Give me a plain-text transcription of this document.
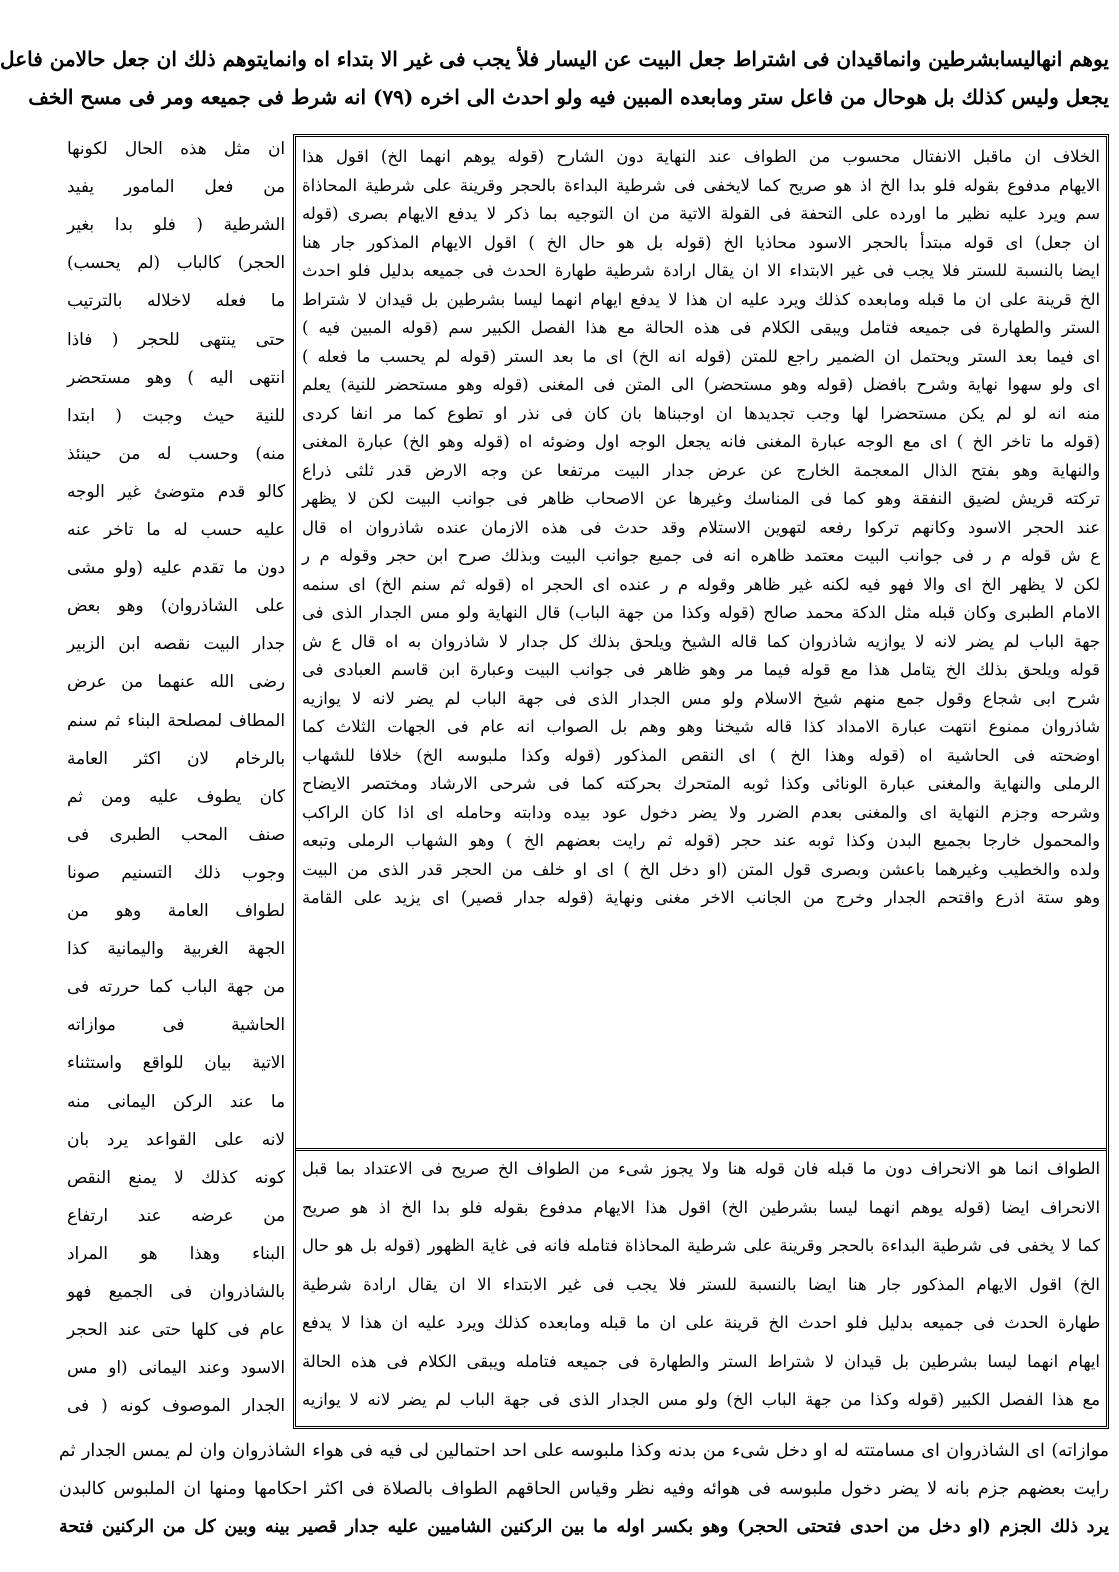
يوهم انهاليسابشرطين وانماقيدان فى اشتراط جعل البيت عن اليسار فلأ يجب فى غير الا بتداء اه وانمايتوهم ذلك ان جعل حالامن فاعل
يجعل وليس كذلك بل هوحال من فاعل ستر ومابعده المبين فيه ولو احدث الى اخره (٧٩) انه شرط فى جميعه ومر فى مسح الخف
الخلاف ان ماقبل الانفتال محسوب من الطواف عند النهاية دون الشارح (قوله يوهم انهما الخ) اقول هذا
الايهام مدفوع بقوله فلو بدا الخ اذ هو صريح كما لايخفى فى شرطية البداءة بالحجر وقرينة على شرطية المحاذاة
سم ويرد عليه نظير ما اورده على التحفة فى القولة الاتية من ان التوجيه بما ذكر لا يدفع الايهام بصرى (قوله
ان جعل) اى قوله مبتدأ بالحجر الاسود محاذيا الخ (قوله بل هو حال الخ ) اقول الايهام المذكور جار هنا
ايضا بالنسبة للستر فلا يجب فى غير الابتداء الا ان يقال ارادة شرطية طهارة الحدث فى جميعه بدليل فلو احدث
الخ قرينة على ان ما قبله ومابعده كذلك ويرد عليه ان هذا لا يدفع ايهام انهما ليسا بشرطين بل قيدان لا شتراط
الستر والطهارة فى جميعه فتامل ويبقى الكلام فى هذه الحالة مع هذا الفصل الكبير سم (قوله المبين فيه )
اى فيما بعد الستر ويحتمل ان الضمير راجع للمتن (قوله انه الخ) اى ما بعد الستر (قوله لم يحسب ما فعله )
اى ولو سهوا نهاية وشرح بافضل (قوله وهو مستحضر) الى المتن فى المغنى (قوله وهو مستحضر للنية) يعلم
منه انه لو لم يكن مستحضرا لها وجب تجديدها ان اوجبناها بان كان فى نذر او تطوع كما مر انفا كردى
(قوله ما تاخر الخ ) اى مع الوجه عبارة المغنى فانه يجعل الوجه اول وضوئه اه (قوله وهو الخ) عبارة المغنى
والنهاية وهو بفتح الذال المعجمة الخارج عن عرض جدار البيت مرتفعا عن وجه الارض قدر ثلثى ذراع
تركته قريش لضيق النفقة وهو كما فى المناسك وغيرها عن الاصحاب ظاهر فى جوانب البيت لكن لا يظهر
عند الحجر الاسود وكانهم تركوا رفعه لتهوين الاستلام وقد حدث فى هذه الازمان عنده شاذروان اه قال
ع ش قوله م ر فى جوانب البيت معتمد ظاهره انه فى جميع جوانب البيت وبذلك صرح ابن حجر وقوله م ر
لكن لا يظهر الخ اى والا فهو فيه لكنه غير ظاهر وقوله م ر عنده اى الحجر اه (قوله ثم سنم الخ) اى سنمه
الامام الطبرى وكان قبله مثل الدكة محمد صالح (قوله وكذا من جهة الباب) قال النهاية ولو مس الجدار الذى فى
جهة الباب لم يضر لانه لا يوازيه شاذروان كما قاله الشيخ ويلحق بذلك كل جدار لا شاذروان به اه قال ع ش
قوله ويلحق بذلك الخ يتامل هذا مع قوله فيما مر وهو ظاهر فى جوانب البيت وعبارة ابن قاسم العبادى فى
شرح ابى شجاع وقول جمع منهم شيخ الاسلام ولو مس الجدار الذى فى جهة الباب لم يضر لانه لا يوازيه
شاذروان ممنوع انتهت عبارة الامداد كذا قاله شيخنا وهو وهم بل الصواب انه عام فى الجهات الثلاث كما
اوضحته فى الحاشية اه (قوله وهذا الخ ) اى النقص المذكور (قوله وكذا ملبوسه الخ) خلافا للشهاب
الرملى والنهاية والمغنى عبارة الونائى وكذا ثوبه المتحرك بحركته كما فى شرحى الارشاد ومختصر الايضاح
وشرحه وجزم النهاية اى والمغنى بعدم الضرر ولا يضر دخول عود بيده ودابته وحامله اى اذا كان الراكب
والمحمول خارجا بجميع البدن وكذا ثوبه عند حجر (قوله ثم رايت بعضهم الخ ) وهو الشهاب الرملى وتبعه
ولده والخطيب وغيرهما باعشن وبصرى قول المتن (او دخل الخ ) اى او خلف من الحجر قدر الذى من البيت
وهو ستة اذرع واقتحم الجدار وخرج من الجانب الاخر مغنى ونهاية (قوله جدار قصير) اى يزيد على القامة
الطواف انما هو الانحراف دون ما قبله فان قوله هنا ولا يجوز شىء من الطواف الخ صريح فى الاعتداد بما قبل
الانحراف ايضا (قوله يوهم انهما ليسا بشرطين الخ) اقول هذا الايهام مدفوع بقوله فلو بدا الخ اذ هو صريح
كما لا يخفى فى شرطية البداءة بالحجر وقرينة على شرطية المحاذاة فتامله فانه فى غاية الظهور (قوله بل هو حال
الخ) اقول الايهام المذكور جار هنا ايضا بالنسبة للستر فلا يجب فى غير الابتداء الا ان يقال ارادة شرطية
طهارة الحدث فى جميعه بدليل فلو احدث الخ قرينة على ان ما قبله ومابعده كذلك ويرد عليه ان هذا لا يدفع
ايهام انهما ليسا بشرطين بل قيدان لا شتراط الستر والطهارة فى جميعه فتامله ويبقى الكلام فى هذه الحالة
مع هذا الفصل الكبير (قوله وكذا من جهة الباب الخ) ولو مس الجدار الذى فى جهة الباب لم يضر لانه لا يوازيه
ان مثل هذه الحال لكونها
من فعل المامور يفيد
الشرطية ( فلو بدا بغير
الحجر) كالباب (لم يحسب)
ما فعله لاخلاله بالترتيب
حتى ينتهى للحجر ( فاذا
انتهى اليه ) وهو مستحضر
للنية حيث وجبت ( ابتدا
منه) وحسب له من حينئذ
كالو قدم متوضئ غير الوجه
عليه حسب له ما تاخر عنه
دون ما تقدم عليه (ولو مشى
على الشاذروان) وهو بعض
جدار البيت نقصه ابن الزبير
رضى الله عنهما من عرض
المطاف لمصلحة البناء ثم سنم
بالرخام لان اكثر العامة
كان يطوف عليه ومن ثم
صنف المحب الطبرى فى
وجوب ذلك التسنيم صونا
لطواف العامة وهو من
الجهة الغربية واليمانية كذا
من جهة الباب كما حررته فى
الحاشية فى موازاته
الاتية بيان للواقع واستثناء
ما عند الركن اليمانى منه
لانه على القواعد يرد بان
كونه كذلك لا يمنع النقص
من عرضه عند ارتفاع
البناء وهذا هو المراد
بالشاذروان فى الجميع فهو
عام فى كلها حتى عند الحجر
الاسود وعند اليمانى (او مس
الجدار الموصوف كونه ( فى
موازاته) اى الشاذروان اى مسامتته له او دخل شىء من بدنه وكذا ملبوسه على احد احتمالين لى فيه فى هواء الشاذروان وان لم يمس الجدار ثم
رايت بعضهم جزم بانه لا يضر دخول ملبوسه فى هوائه وفيه نظر وقياس الحاقهم الطواف بالصلاة فى اكثر احكامها ومنها ان الملبوس كالبدن
يرد ذلك الجزم (او دخل من احدى فتحتى الحجر) وهو بكسر اوله ما بين الركنين الشاميين عليه جدار قصير بينه وبين كل من الركنين فتحة
